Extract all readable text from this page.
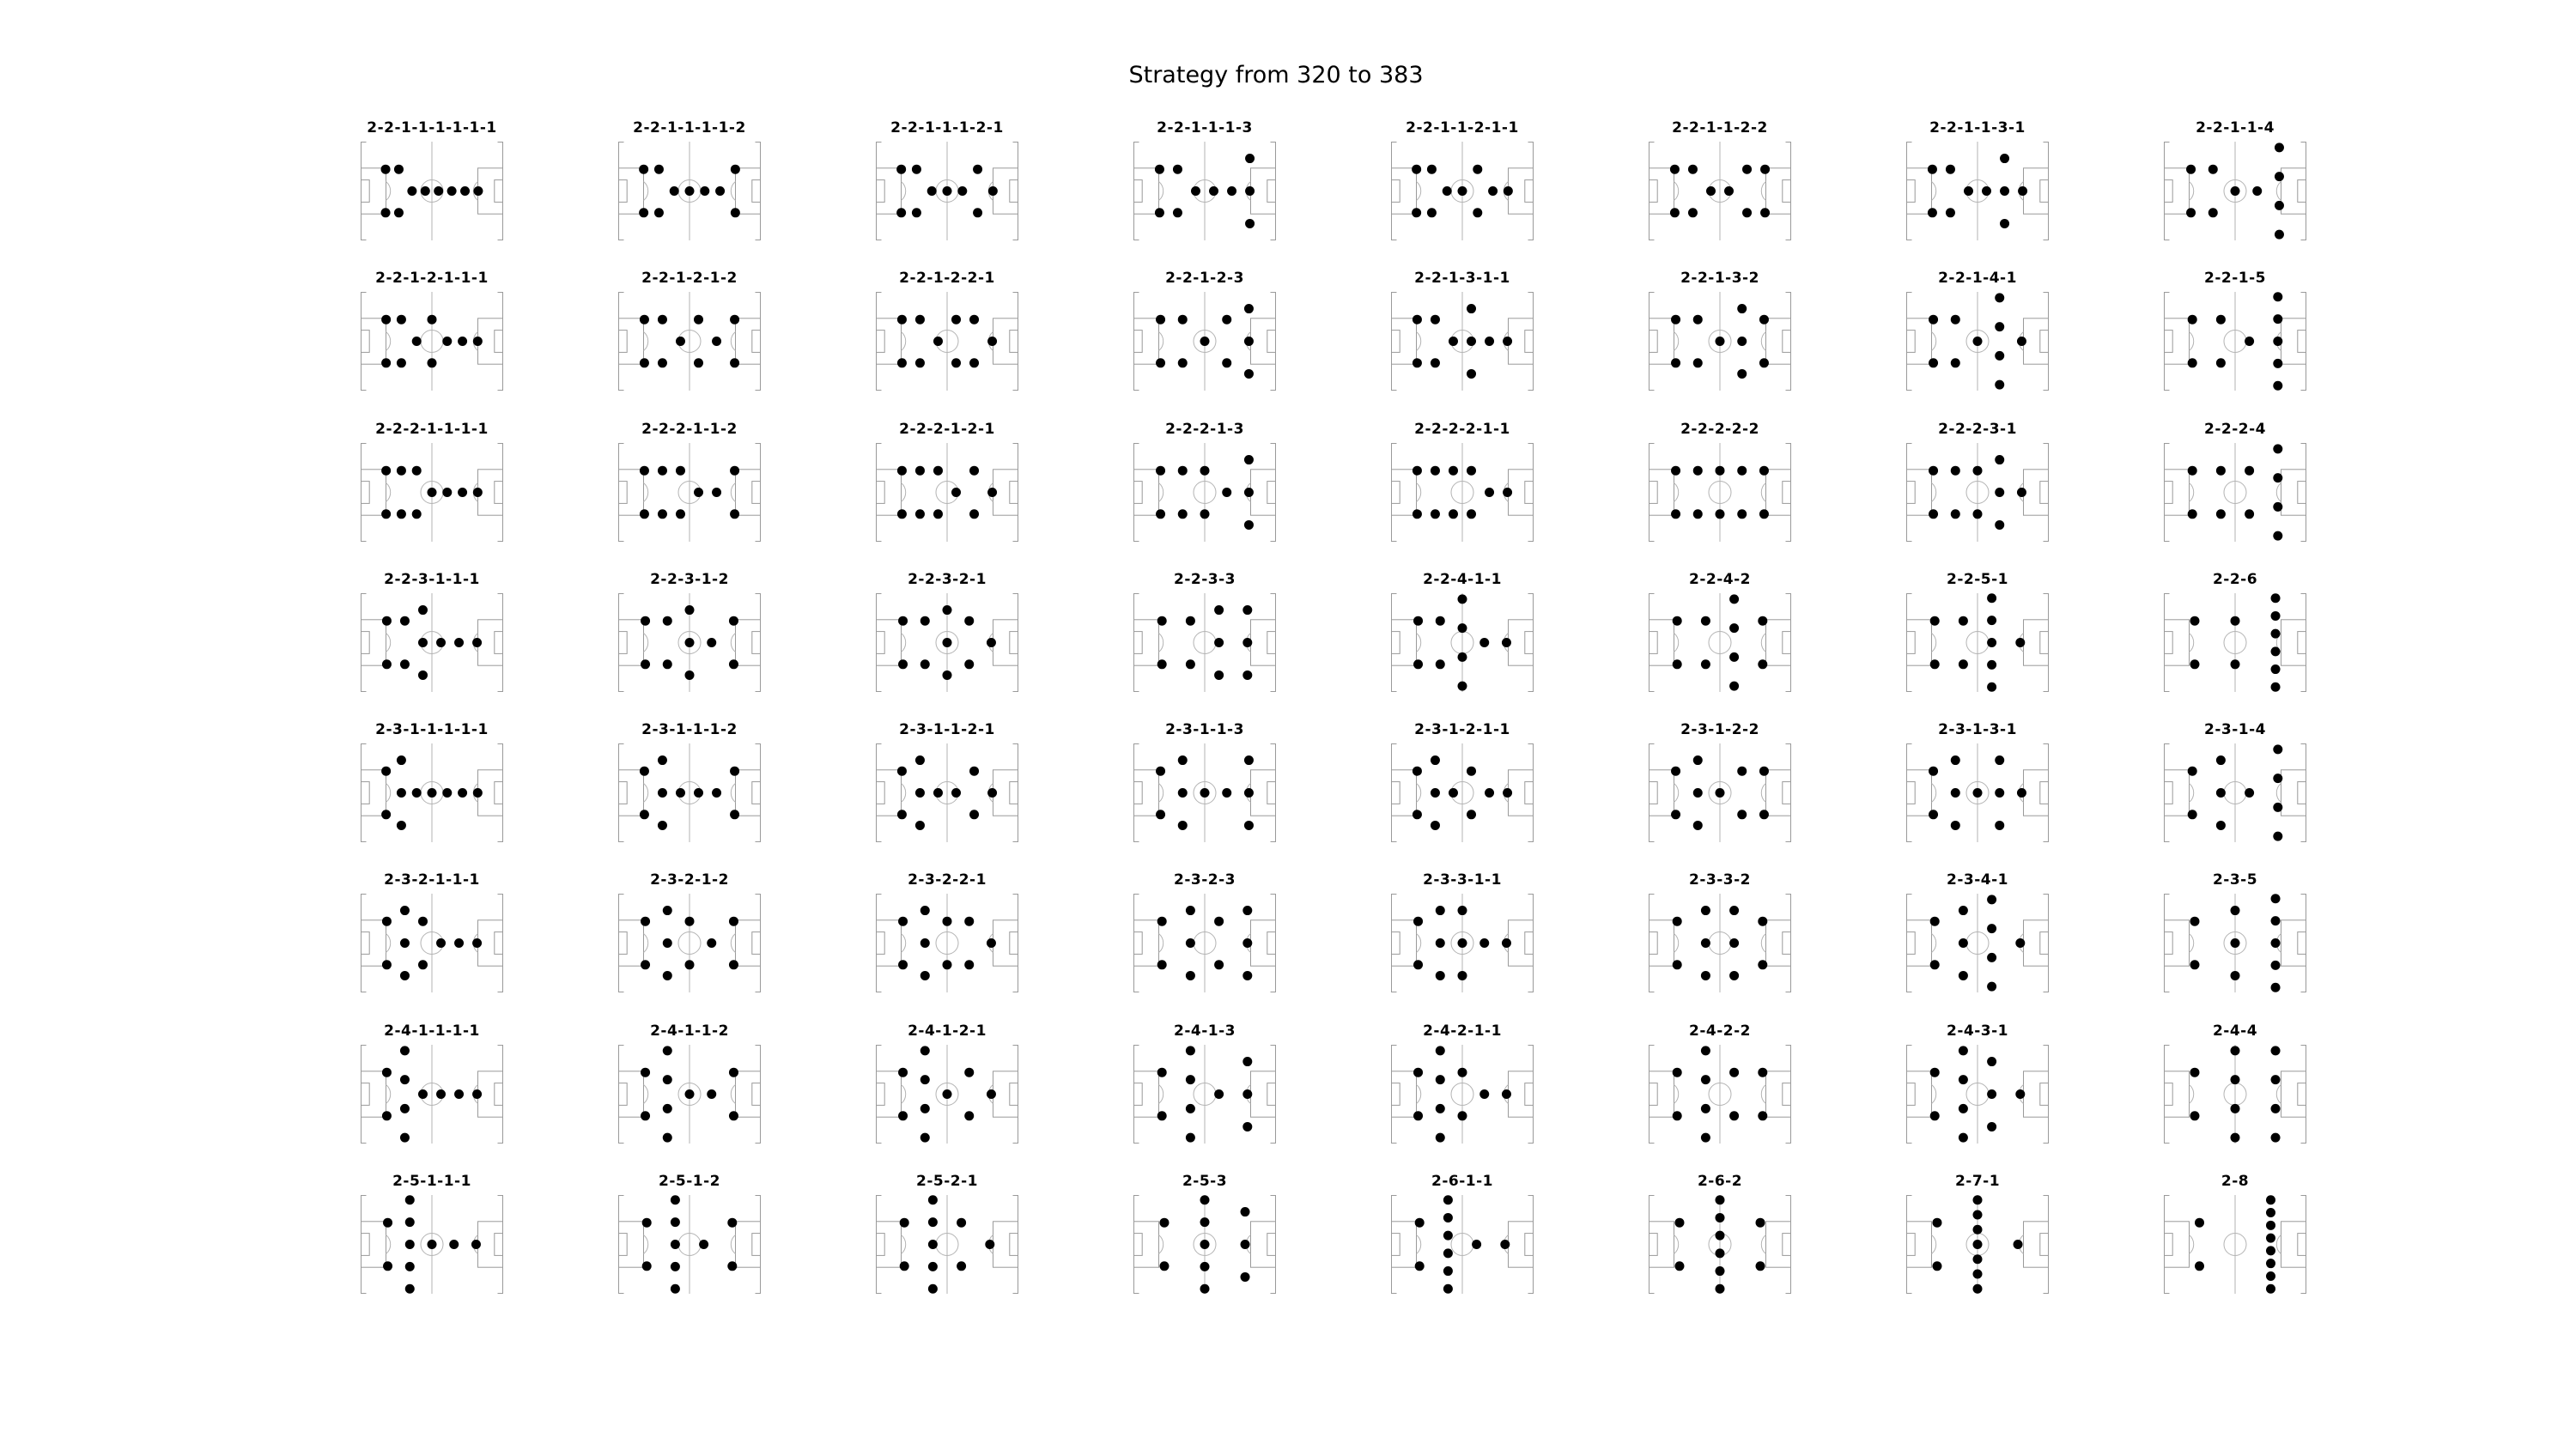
Strategy from 320 to 383
2-2-1-1-1-1-1-1	2-2-1-1-1-1-2	2-2-1-1-1-2-1	2-2-1-1-1-3	2-2-1-1-2-1-1	2-2-1-1-2-2	2-2-1-1-3-1	2-2-1-1-4
2-2-1-2-1-1-1	2-2-1-2-1-2	2-2-1-2-2-1	2-2-1-2-3	2-2-1-3-1-1	2-2-1-3-2	2-2-1-4-1	2-2-1-5
2-2-2-1-1-1-1	2-2-2-1-1-2	2-2-2-1-2-1	2-2-2-1-3	2-2-2-2-1-1	2-2-2-2-2	2-2-2-3-1	2-2-2-4
2-2-3-1-1-1	2-2-3-1-2	2-2-3-2-1	2-2-3-3	2-2-4-1-1	2-2-4-2	2-2-5-1	2-2-6
2-3-1-1-1-1-1	2-3-1-1-1-2	2-3-1-1-2-1	2-3-1-1-3	2-3-1-2-1-1	2-3-1-2-2	2-3-1-3-1	2-3-1-4
2-3-2-1-1-1	2-3-2-1-2	2-3-2-2-1	2-3-2-3	2-3-3-1-1	2-3-3-2	2-3-4-1	2-3-5
2-4-1-1-1-1	2-4-1-1-2	2-4-1-2-1	2-4-1-3	2-4-2-1-1	2-4-2-2	2-4-3-1	2-4-4
2-5-1-1-1	2-5-1-2	2-5-2-1	2-5-3	2-6-1-1	2-6-2	2-7-1	2-8
